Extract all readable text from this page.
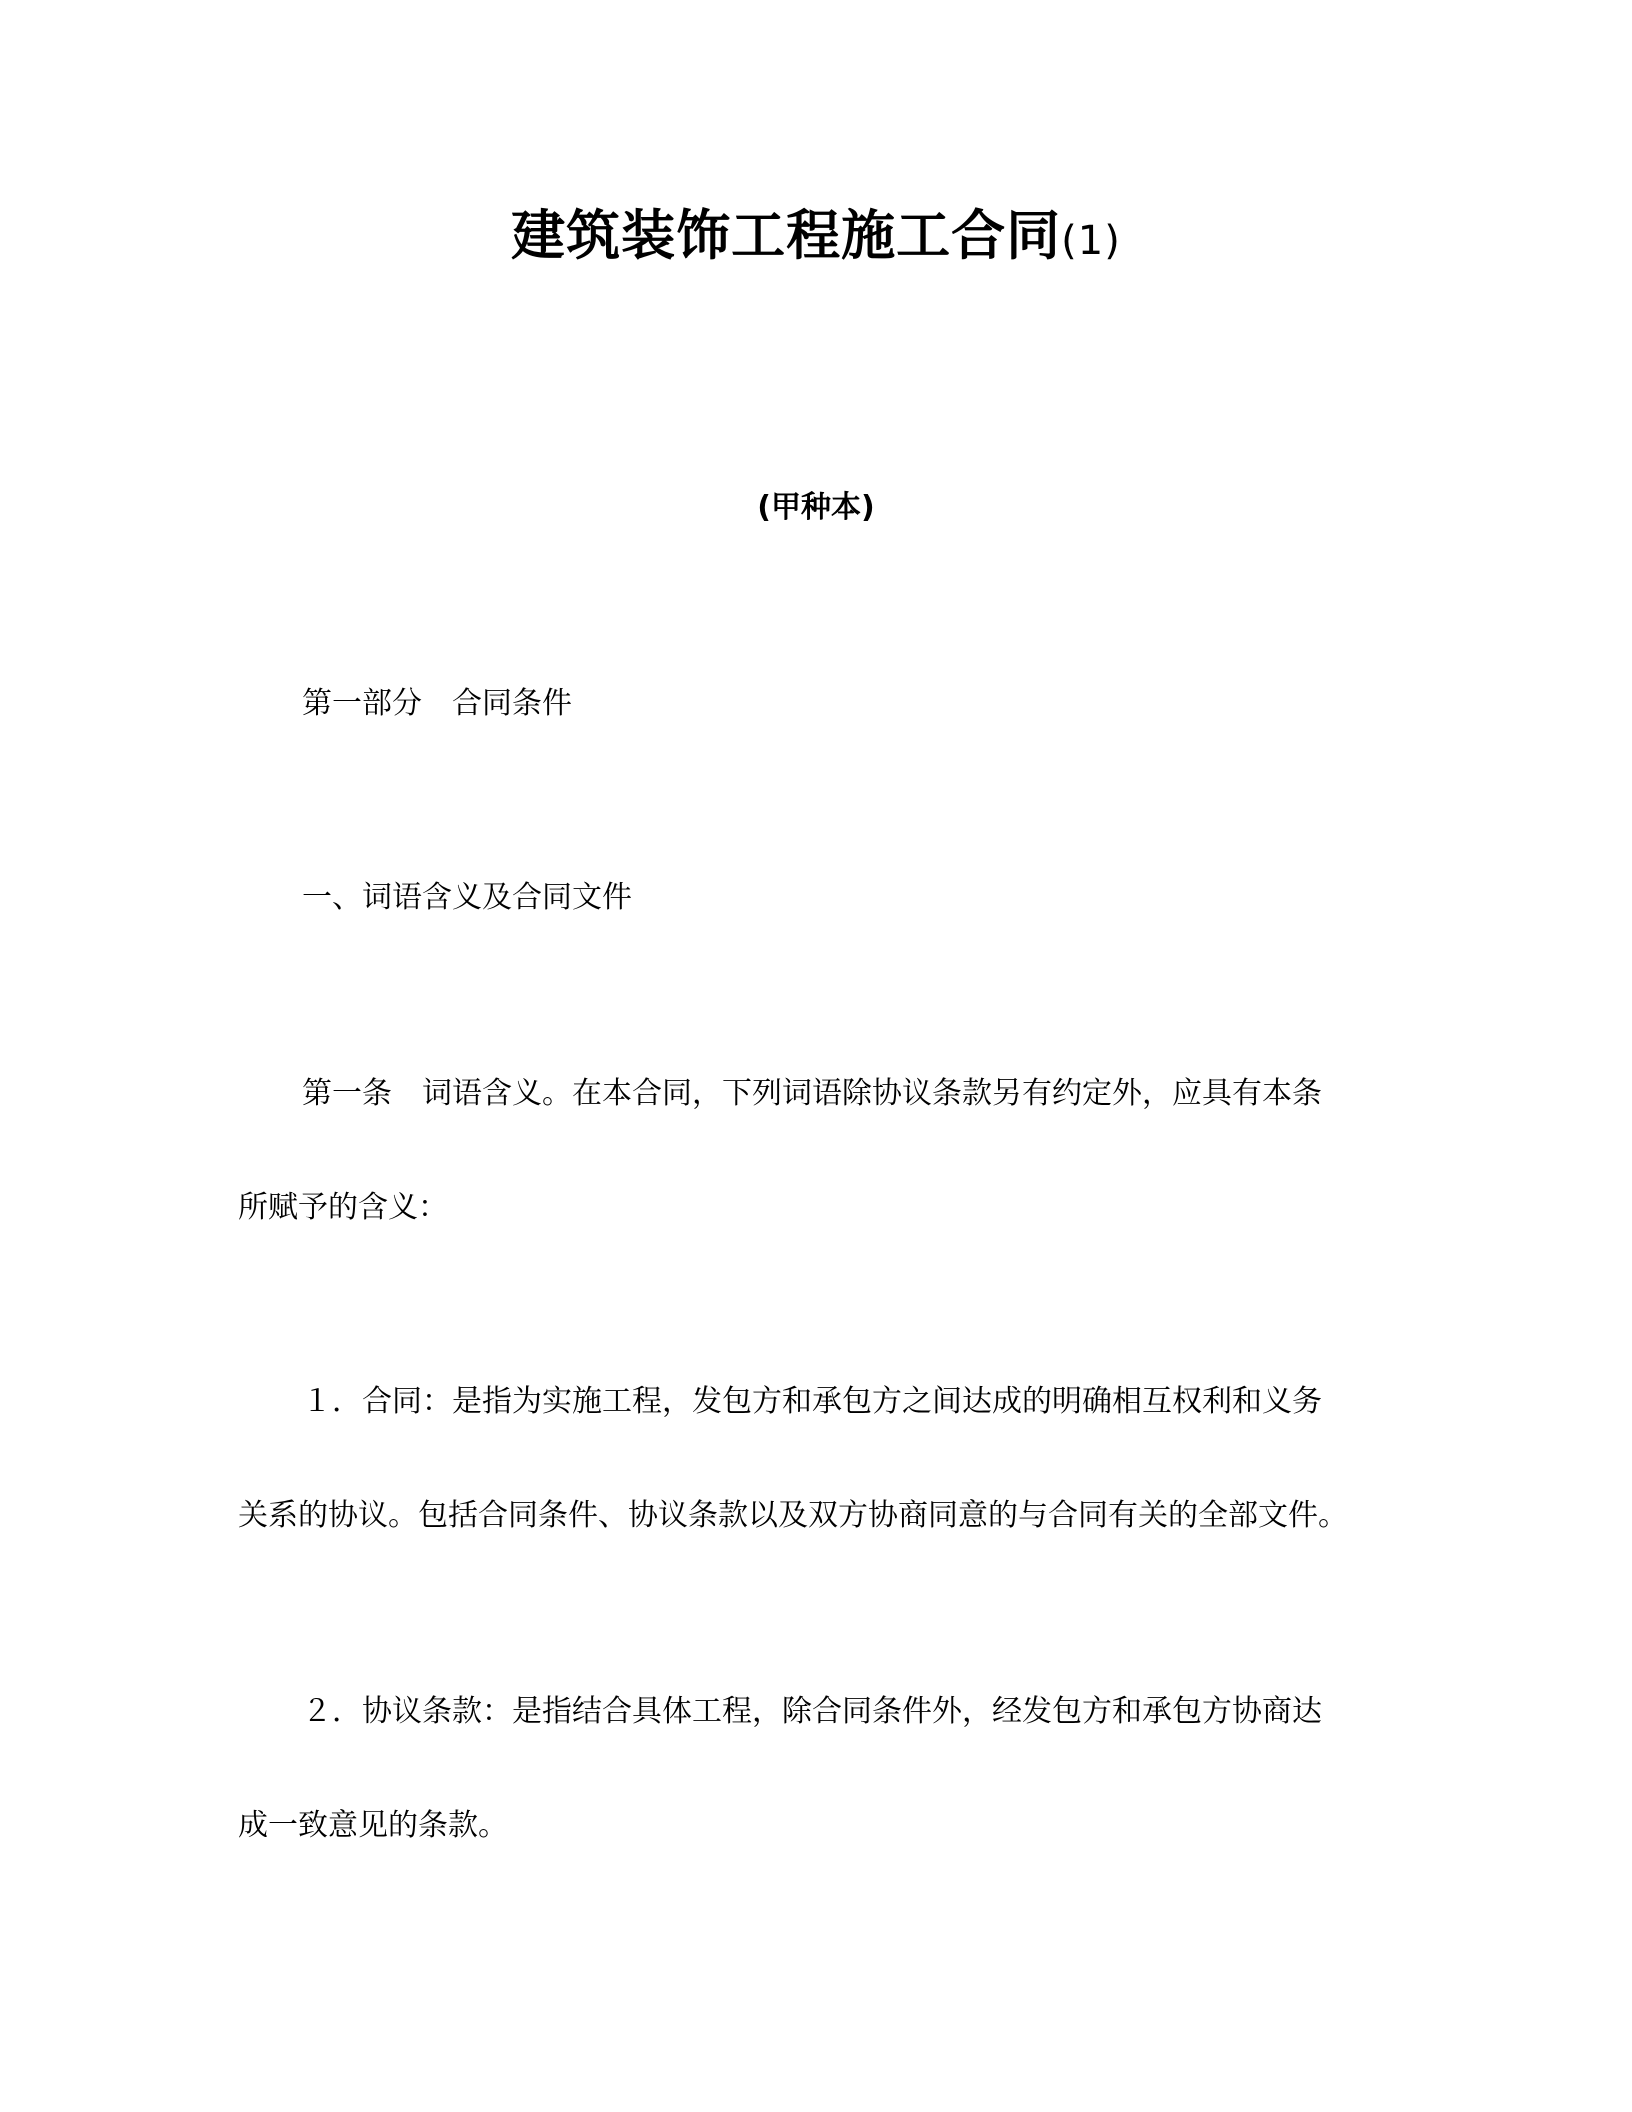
建筑装饰工程施工合同(1)
(甲种本)
第一部分　合同条件
一、词语含义及合同文件
第一条　词语含义。在本合同，下列词语除协议条款另有约定外，应具有本条
所赋予的含义：
１．合同：是指为实施工程，发包方和承包方之间达成的明确相互权利和义务
关系的协议。包括合同条件、协议条款以及双方协商同意的与合同有关的全部文件。
２．协议条款：是指结合具体工程，除合同条件外，经发包方和承包方协商达
成一致意见的条款。
